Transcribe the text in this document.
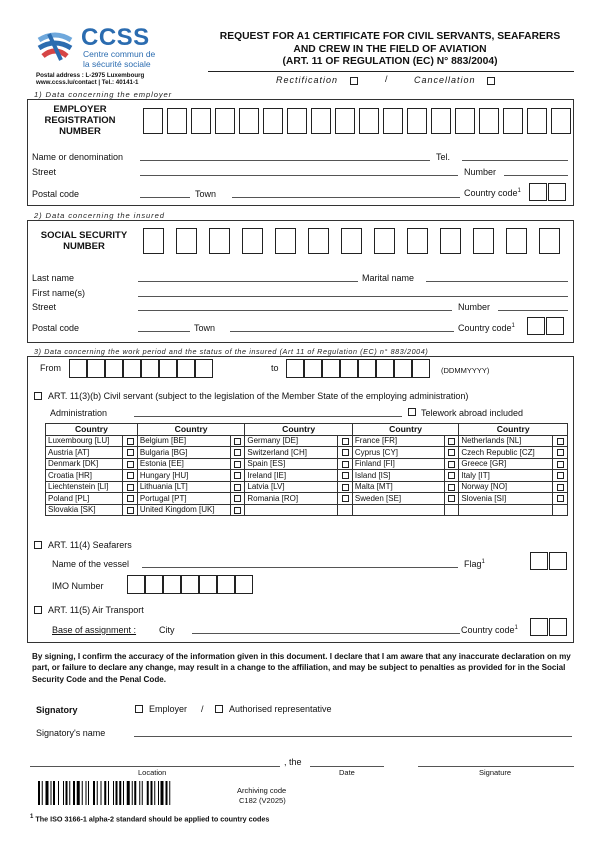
CCSS
Centre commun de
la sécurité sociale
Postal address : L-2975 Luxembourg
www.ccss.lu/contact | Tel.: 40141-1
REQUEST FOR A1 CERTIFICATE FOR CIVIL SERVANTS, SEAFARERS
AND CREW IN THE FIELD OF AVIATION
(ART. 11 OF REGULATION (EC) N° 883/2004)
Rectification	/	Cancellation
1) Data concerning the employer
EMPLOYER
REGISTRATION
NUMBER
Name or denomination	Tel.
Street	Number
Postal code	Town	Country code$^1$
2) Data concerning the insured
SOCIAL SECURITY
NUMBER
Last name	Marital name
First name(s)
Street	Number
Postal code	Town	Country code$^1$
3) Data concerning the work period and the status of the insured (Art 11 of Regulation (EC) n° 883/2004)
From	to	(DDMMYYYY)
ART. 11(3)(b) Civil servant (subject to the legislation of the Member State of the employing administration)
Administration	Telework abroad included
Country		Country		Country		Country		Country	
Luxembourg [LU]		Belgium [BE]		Germany [DE]		France [FR]		Netherlands [NL]	
Austria [AT]		Bulgaria [BG]		Switzerland [CH]		Cyprus [CY]		Czech Republic [CZ]	
Denmark [DK]		Estonia [EE]		Spain [ES]		Finland [FI]		Greece [GR]	
Croatia [HR]		Hungary [HU]		Ireland [IE]		Island [IS]		Italy [IT]	
Liechtenstein [LI]		Lithuania [LT]		Latvia [LV]		Malta [MT]		Norway [NO]	
Poland [PL]		Portugal [PT]		Romania [RO]		Sweden [SE]		Slovenia [SI]	
Slovakia [SK]		United Kingdom [UK]							
ART. 11(4) Seafarers
Name of the vessel	Flag$^1$
IMO Number
ART. 11(5) Air Transport
Base of assignment :	City	Country code$^1$
By signing, I confirm the accuracy of the information given in this document. I declare that I am aware that any inaccurate declaration on my part, or failure to declare any change, may result in a change to the affiliation, and may be subject to penalties as provided for in the Social Security Code and the Penal Code.
Signatory	Employer /	Authorised representative
Signatory's name
, the
Location	Date	Signature
Archiving code
C182 (V2025)
$^1$ The ISO 3166-1 alpha-2 standard should be applied to country codes
